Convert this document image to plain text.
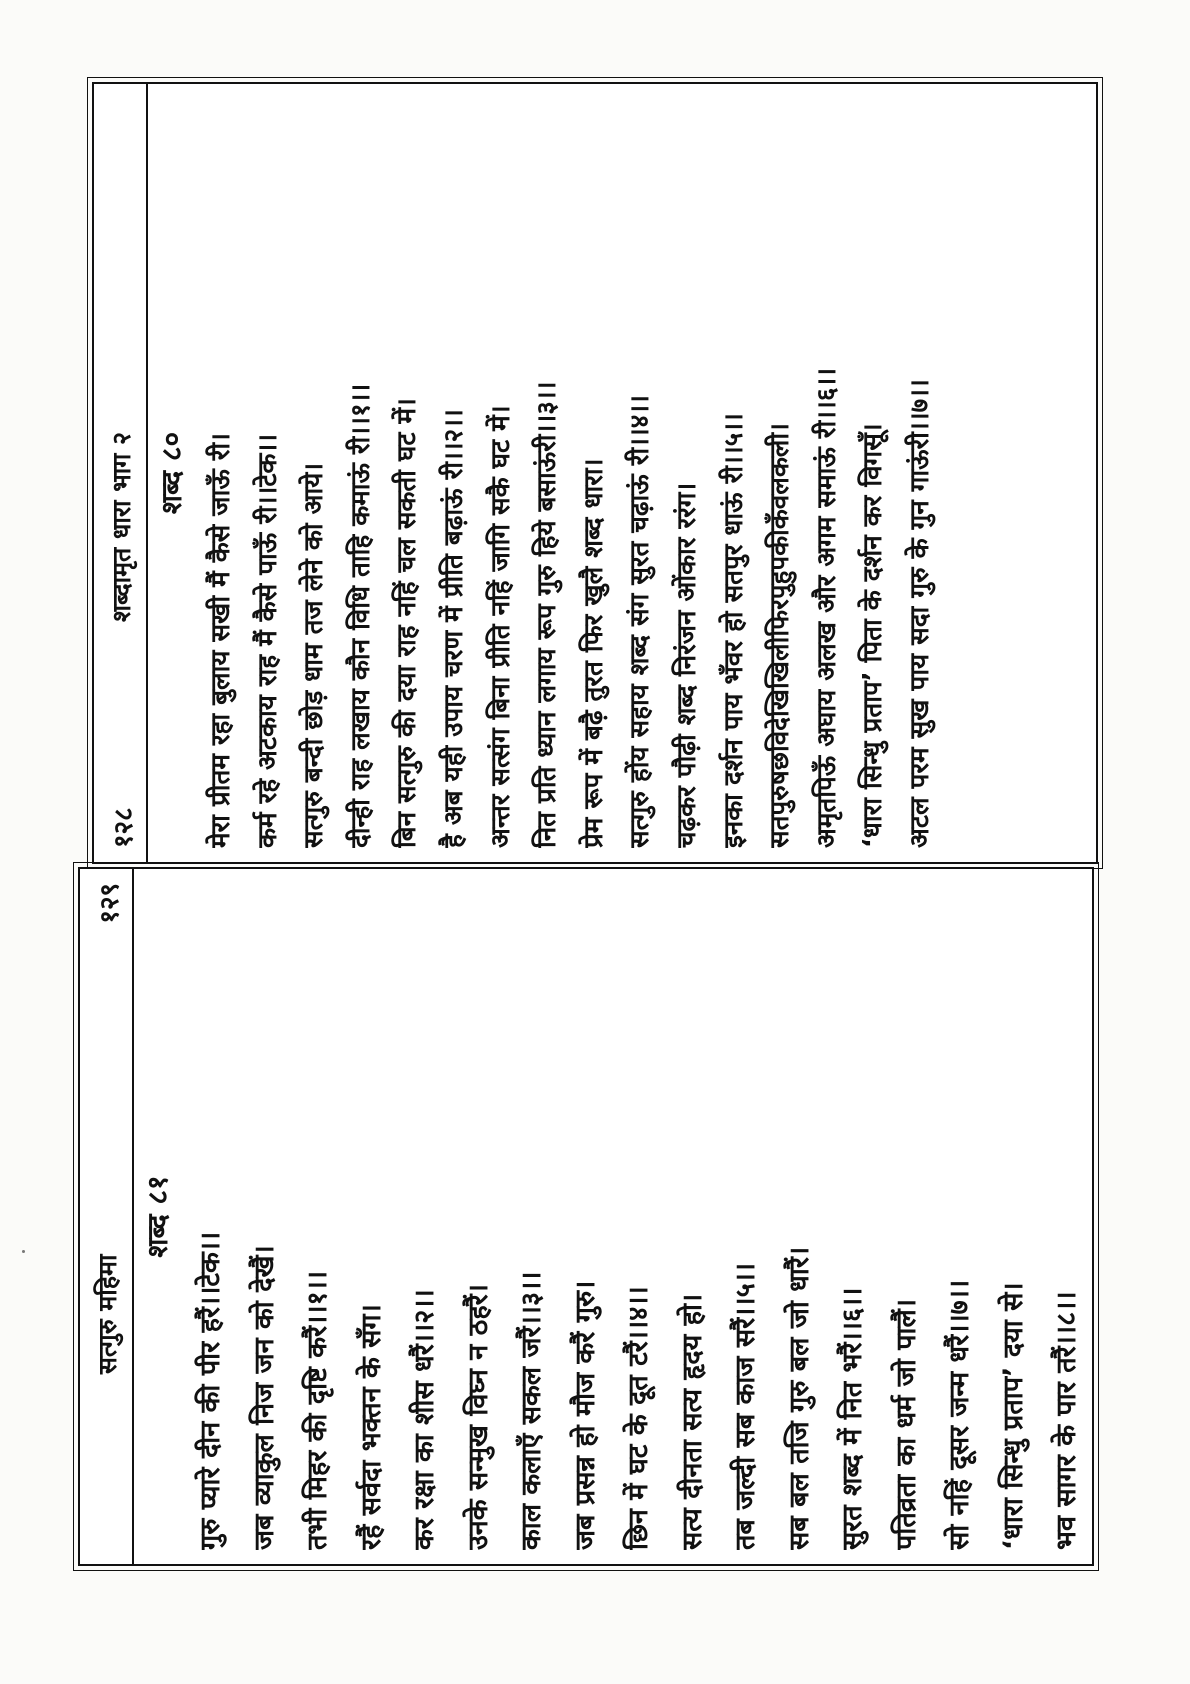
१२८
शब्दामृत धारा भाग २ शब्द ८० मेरा प्रीतम रहा बुलाय सखी मैं कैसे जाऊँ री। कर्म रहे अटकाय राह मैं कैसे पाऊँ री।।टेक।। सत्गुरु बन्दी छोड़ धाम तज लेने को आये। दीन्ही राह लखाय कौन विधि ताहि कमाऊं री।।१।। बिन सत्गुरु की दया राह नहिं चल सकती घट में। है अब यही उपाय चरण में प्रीति बढ़ाऊं री।।२।। अन्तर सत्संग बिना प्रीति नहिं जागि सकै घट में। नित प्रति ध्यान लगाय रूप गुरु हिये बसाऊंरी।।३।। प्रेम रूप में बढ़ै तुरत फिर खुलै शब्द धारा। सत्गुरु होंय सहाय शब्द संग सुरत चढ़ाऊं री।।४।। चढ़कर पौढ़ी शब्द निरंजन ओंकार ररंग। इनका दर्शन पाय भँवर हो सतपुर धाऊं री।।५।। सतपुरुषछविदेखिखिलीफिरपुहुपकीकँवलकली। अमृतपिऊँ अघाय अलख और अगम समाऊं री।।६।। ‘धारा सिन्धु प्रताप’ पिता के दर्शन कर विगसूँ। अटल परम सुख पाय सदा गुरु के गुन गाऊंरी।।७।।
सत्गुरु महिमा
१२९
शब्द ८१
गुरु प्यारे दीन की पीर हरैं।।टेक।। जब व्याकुल निज जन को देखैं। तभी मिहर की दृष्टि करैं।।१।। रहैं सर्वदा भक्तन के सँग। कर रक्षा का शीस धरैं।।२।। उनके सन्मुख विघ्न न ठहरैं। काल कलाएँ सकल जरैं।।३।। जब प्रसन्न हो मौज करैं गुरु। छिन में घट के दूत टरैं।।४।। सत्य दीनता सत्य हृदय हो। तब जल्दी सब काज सरैं।।५।। सब बल तजि गुरु बल जो धारैं। सुरत शब्द में नित भरैं।।६।। पतिव्रता का धर्म जो पालैं। सो नहिं दूसर जन्म धरैं।।७।। ‘धारा सिन्धु प्रताप’ दया से। भव सागर के पार तरैं।।८।।
